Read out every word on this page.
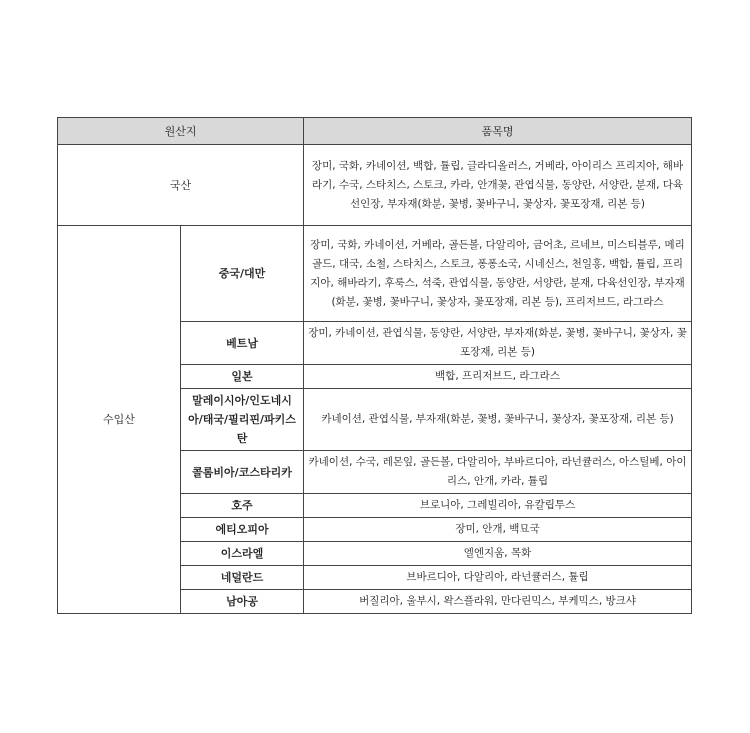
원산지		품목명
국산		장미, 국화, 카네이션, 백합, 튤립, 글라디올러스, 거베라, 아이리스 프리지아, 해바라기, 수국, 스타치스, 스토크, 카라, 안개꽃, 관엽식물, 동양란, 서양란, 분재, 다육선인장, 부자재(화분, 꽃병, 꽃바구니, 꽃상자, 꽃포장재, 리본 등)
수입산	중국/대만	장미, 국화, 카네이션, 거베라, 골든볼, 다알리아, 금어초, 르네브, 미스티블루, 메리골드, 대국, 소철, 스타치스, 스토크, 퐁퐁소국, 시네신스, 천일홍, 백합, 튤립, 프리지아, 해바라기, 후룩스, 석죽, 관엽식물, 동양란, 서양란, 분재, 다육선인장, 부자재(화분, 꽃병, 꽃바구니, 꽃상자, 꽃포장재, 리본 등), 프리저브드, 라그라스
	베트남	장미, 카네이션, 관엽식물, 동양란, 서양란, 부자재(화분, 꽃병, 꽃바구니, 꽃상자, 꽃포장재, 리본 등)
	일본	백합, 프리저브드, 라그라스
	말레이시아/인도네시아/태국/필리핀/파키스탄	카네이션, 관엽식물, 부자재(화분, 꽃병, 꽃바구니, 꽃상자, 꽃포장재, 리본 등)
	콜롬비아/코스타리카	카네이션, 수국, 레몬잎, 골든볼, 다알리아, 부바르디아, 라넌큘러스, 아스틸베, 아이리스, 안개, 카라, 튤립
	호주	브로니아, 그레빌리아, 유칼립투스
	에티오피아	장미, 안개, 백묘국
	이스라엘	엘엔지움, 목화
	네덜란드	브바르디아, 다알리아, 라넌큘러스, 튤립
	남아공	버질리아, 울부시, 왁스플라워, 만다린믹스, 부케믹스, 방크샤
